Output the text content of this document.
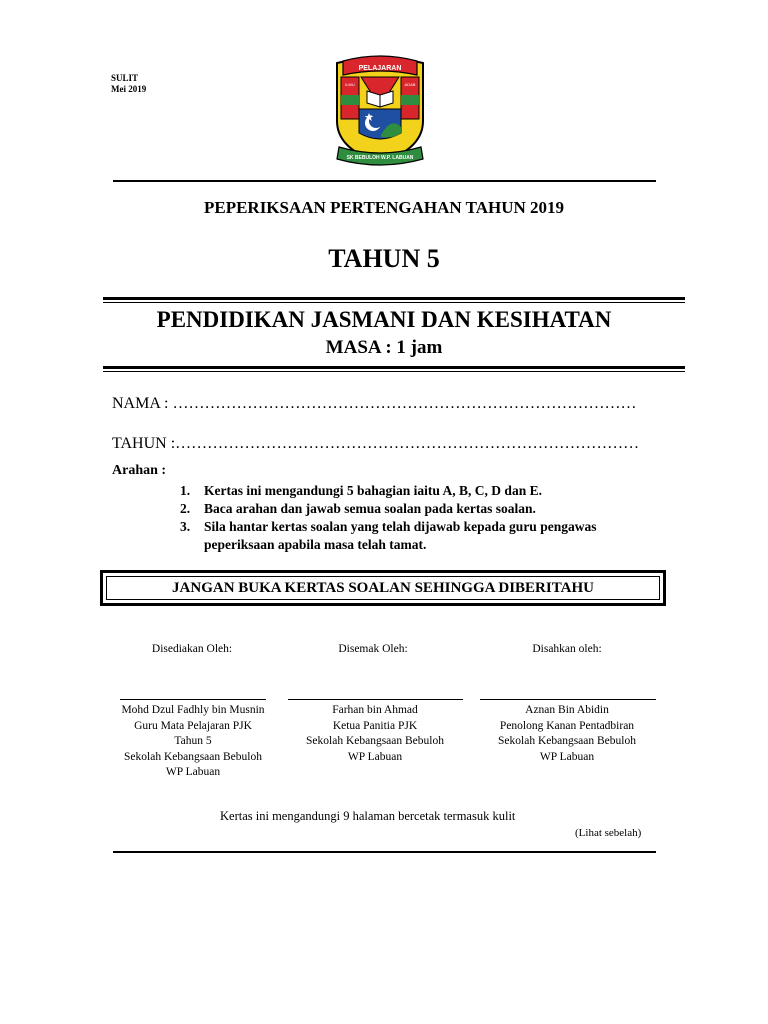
SULIT
Mei 2019
PELAJARAN
ILMU	ADAB
SK BEBULOH W.P. LABUAN
PEPERIKSAAN PERTENGAHAN TAHUN 2019
TAHUN 5
PENDIDIKAN JASMANI DAN KESIHATAN
MASA : 1 jam
NAMA : ……………………………………………………………………………
TAHUN :……………………………………………………………………………
Arahan :
1.	Kertas ini mengandungi 5 bahagian iaitu A, B, C, D dan E.
2.	Baca arahan dan jawab semua soalan pada kertas soalan.
3.	Sila hantar kertas soalan yang telah dijawab kepada guru pengawas peperiksaan apabila masa telah tamat.
JANGAN BUKA KERTAS SOALAN SEHINGGA DIBERITAHU
Disediakan Oleh:	Disemak Oleh:	Disahkan oleh:
Mohd Dzul Fadhly bin Musnin
Guru Mata Pelajaran PJK
Tahun 5
Sekolah Kebangsaan Bebuloh
WP Labuan
Farhan bin Ahmad
Ketua Panitia PJK
Sekolah Kebangsaan Bebuloh
WP Labuan
Aznan Bin Abidin
Penolong Kanan Pentadbiran
Sekolah Kebangsaan Bebuloh
WP Labuan
Kertas ini mengandungi 9 halaman bercetak termasuk kulit
(Lihat sebelah)
